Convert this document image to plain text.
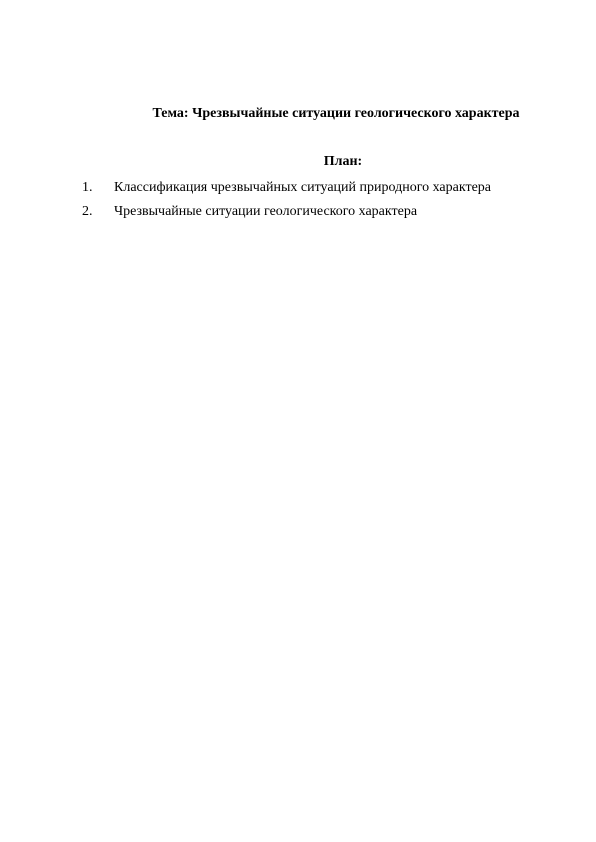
Тема: Чрезвычайные ситуации геологического характера
План:
1.	Классификация чрезвычайных ситуаций природного характера
2.	Чрезвычайные ситуации геологического характера
